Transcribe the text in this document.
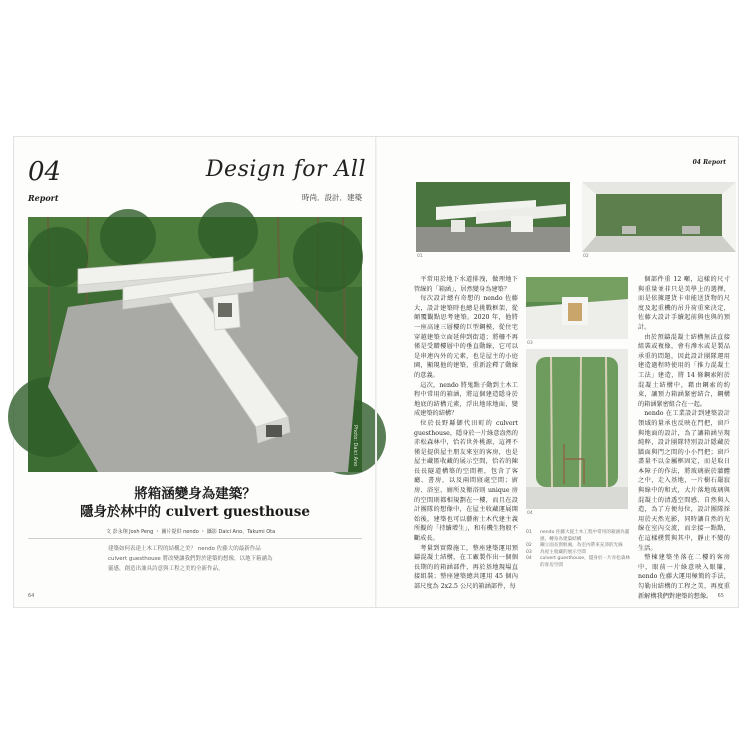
04
Report
Design for All
時尚．設計．建築
Photo: Daici Ano
將箱涵變身為建築？
隱身於林中的 culvert guesthouse
文 彭永翔 Josh Peng ・ 圖片提供 nendo ・ 攝影 Daici Ano、Takumi Ota
建築如何表達土木工程的結構之美？ nendo 佐藤大的最新作品 culvert guesthouse 將改變讓我們對於建築的想像，以地下箱涵為靈感，創造出兼具詩意與工程之美的全新作品。
64
04 Report
01	02
03
04

平常用於地下水道排洩，做理地下管線的「箱涵」，居然變身為建築？

每次設計總有奇想的 nendo 佐藤大，設計建築時也總是挑戰框架，從顛覆觀點思考建築。2020 年，他將一座高達三層樓的巨型鋼模，從住宅穿越建築立面延伸到街道；將柵不再僅是受贈樓層中的垂直動線，它可以是串連內外的元素，也是屋主的小庭園，顯現他的建築，重新詮釋了動線的意義。

這次，nendo 將鬼點子動到土木工程中常用的箱涵，將這個建造隱身於地底的結構元素，浮出地球地面，變成建築的結構？

位於長野縣御代田町的 culvert guesthouse，隱身於一片綠意盎然的赤松森林中，恰若世外桃源，這裡不僅是提供屋主朋友來室的客房，也是屋主藏匿收藏的展示空間，恰若的陳長長隧道構築的空間裡，包含了客廳、書房，以及兩間寢處空間；廚房、浴室、廁所及衛浴則 unique 房的空間則都相規劃在一樓，而且在設計團隊的想像中，在屋主收藏運展開始後，建築也可以藝術土木代建主義所擬的「持續增生」，和有機生物般不斷成長。

考量到實際施工，整座建築運用預鑄混凝土結構，在工廠製作出一個個長期的的箱涵部件，再於基地現場直接組裝；整座建築總共運用 45 個內部尺度為 2x2.5 公尺的箱涵部件，每

個部件重 12 噸，這樣的尺寸與重量並非只是美學上的選擇，而是依據運貨卡車能送貨物的尺度及起重機的吊升荷重來決定，佐藤大設計手續起前與也與的預計。

由於預鑄混凝土結構無法直接組裝或複像，會有滲水或是製品承重的問題，因此設計團隊運用建造過程時使用的「推力混凝土工法」建造，將 14 條鋼索附於混凝土結構中，藉由鋼索的約束，讓預力箱涵緊密結合，鋼構的箱涵緊密組合在一起。

nendo 在工業設計到建築設計領域的量承也反映在門把，窗戶與地面的設計，為了讓箱涵呈現純粹，設計團隊特別設計隱藏於牆面與門之間的小小門把；窗戶盡量不以金屬框固定，而是取日本障子的作法，將玻璃嵌於牆體之中，走入基地，一片樹石嚴寂與綠中的和式，大片落地玻璃與混凝土的清透空間感、自然與人造，為了方便每位，設計團隊採用於天然光影，同時讓自然的光線在室內交流，而幸接一點點，在這樣樸質與其中，靜止不變的生活。

整棟建築坐落在二樓的客房中，眼前一片綠意映入眼簾，nendo 佐藤大運用極簡的手法，勾勒出結構的工程之美，再度重新解構我們對建築的想像。

01	nendo 佐藤大從土木工程中常用的箱涵為靈感，轉身為建築結構
02	鋼立面長窗框處，為室內帶來充沛的光線
03	為屋主收藏的展示空間
04	culvert guesthouse，隱身於一片赤松森林的客房空間
65
